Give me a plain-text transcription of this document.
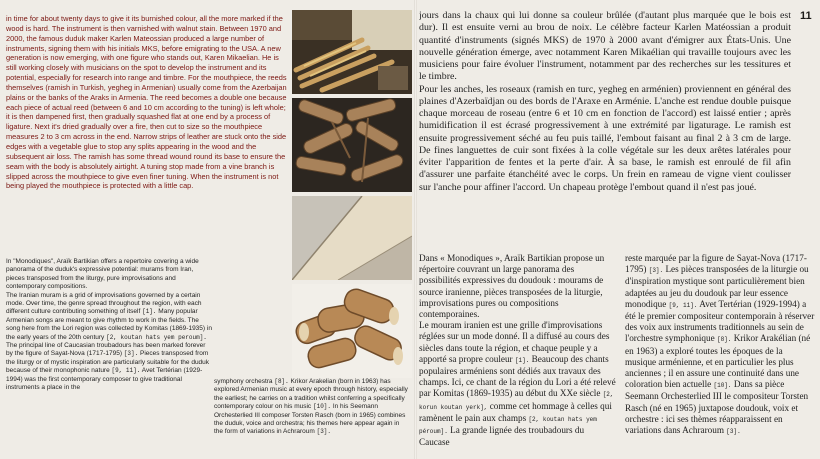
in time for about twenty days to give it its burnished colour, all the more marked if the wood is hard. The instrument is then varnished with walnut stain. Between 1970 and 2000, the famous duduk maker Karlen Mateossian produced a large number of instruments, signing them with his initials MKS, before emigrating to the USA. A new generation is now emerging, with one figure who stands out, Karen Mikaelian. He is still working closely with musicians on the spot to develop the instrument and its potential, especially for research into range and timbre. For the mouthpiece, the reeds themselves (ramish in Turkish, yegheg in Armenian) usually come from the Azerbaijan plains or the banks of the Araks in Armenia. The reed becomes a double one because each piece of actual reed (between 6 and 10 cm according to the tuning) is left whole; it is then dampened first, then gradually squashed flat at one end by a process of ligature. Next it's dried gradually over a fire, then cut to size so the mouthpiece measures 2 to 3 cm across in the end. Narrow strips of leather are stuck onto the side edges with a vegetable glue to stop any splits appearing in the wood and the subsequent air loss. The ramish has some thread wound round its base to ensure the seam with the body is absolutely airtight. A tuning stop made from a vine branch is slipped across the mouthpiece to give even finer tuning. When the instrument is not being played the mouthpiece is protected with a little cap.

In "Monodiques", Araïk Bartikian offers a repertoire covering a wide panorama of the duduk's expressive potential: murams from Iran, pieces transposed from the liturgy, pure improvisations and contemporary compositions.

The Iranian muram is a grid of improvisations governed by a certain mode. Over time, the genre spread throughout the region, with each different culture contributing something of itself [1]. Many popular Armenian songs are meant to give rhythm to work in the fields. The song here from the Lori region was collected by Komitas (1869-1935) in the early years of the 20th century [2, koutan hats yem peroum]. The principal line of Caucasian troubadours has been marked forever by the figure of Sayat-Nova (1717-1795) [3]. Pieces transposed from the liturgy or of mystic inspiration are particularly suitable for the duduk because of their monophonic nature [9, 11]. Avet Tertérian (1929-1994) was the first contemporary composer to give traditional instruments a place in the

symphony orchestra [8]. Krikor Arakelian (born in 1963) has explored Armenian music at every epoch through history, especially the earliest; he carries on a tradition whilst conferring a specifically contemporary colour on his music [10]. In his Seemann Orchesterlied III composer Torsten Rasch (born in 1965) combines the duduk, voice and orchestra; his themes here appear again in the form of variations in Achraroum [3].

jours dans la chaux qui lui donne sa couleur brûlée (d'autant plus marquée que le bois est dur). Il est ensuite verni au brou de noix. Le célèbre facteur Karlen Matéossian a produit quantité d'instruments (signés MKS) de 1970 à 2000 avant d'émigrer aux États-Unis. Une nouvelle génération émerge, avec notamment Karen Mikaélian qui travaille toujours avec les musiciens pour faire évoluer l'instrument, notamment par des recherches sur les tessitures et le timbre.

Pour les anches, les roseaux (ramish en turc, yegheg en arménien) proviennent en général des plaines d'Azerbaïdjan ou des bords de l'Araxe en Arménie. L'anche est rendue double puisque chaque morceau de roseau (entre 6 et 10 cm en fonction de l'accord) est laissé entier ; après humidification il est écrasé progressivement à une extrémité par ligaturage. Le ramish est ensuite progressivement séché au feu puis taillé, l'embout faisant au final 2 à 3 cm de large. De fines languettes de cuir sont fixées à la colle végétale sur les deux arêtes latérales pour éviter l'apparition de fentes et la perte d'air. À sa base, le ramish est enroulé de fil afin d'assurer une parfaite étanchéité avec le corps. Un frein en rameau de vigne vient coulisser sur l'anche pour affiner l'accord. Un chapeau protège l'embout quand il n'est pas joué.

11

Dans « Monodiques », Araïk Bartikian propose un répertoire couvrant un large panorama des possibilités expressives du doudouk : mourams de source iranienne, pièces transposées de la liturgie, improvisations pures ou compositions contemporaines.

Le mouram iranien est une grille d'improvisations réglées sur un mode donné. Il a diffusé au cours des siècles dans toute la région, et chaque peuple y a apporté sa propre couleur [1]. Beaucoup des chants populaires arméniens sont dédiés aux travaux des champs. Ici, ce chant de la région du Lori a été relevé par Komitas (1869-1935) au début du XXe siècle [2, korun koutan yerk], comme cet hommage à celles qui ramènent le pain aux champs [2, koutan hats yem péroum]. La grande lignée des troubadours du Caucase

reste marquée par la figure de Sayat-Nova (1717-1795) [3]. Les pièces transposées de la liturgie ou d'inspiration mystique sont particulièrement bien adaptées au jeu du doudouk par leur essence monodique [9, 11]. Avet Tertérian (1929-1994) a été le premier compositeur contemporain à réserver des voix aux instruments traditionnels au sein de l'orchestre symphonique [8]. Krikor Arakélian (né en 1963) a exploré toutes les époques de la musique arménienne, et en particulier les plus anciennes ; il en assure une continuité dans une coloration bien actuelle [10]. Dans sa pièce Seemann Orchesterlied III le compositeur Torsten Rasch (né en 1965) juxtapose doudouk, voix et orchestre : ici ses thèmes réapparaissent en variations dans Achraroum [3].
